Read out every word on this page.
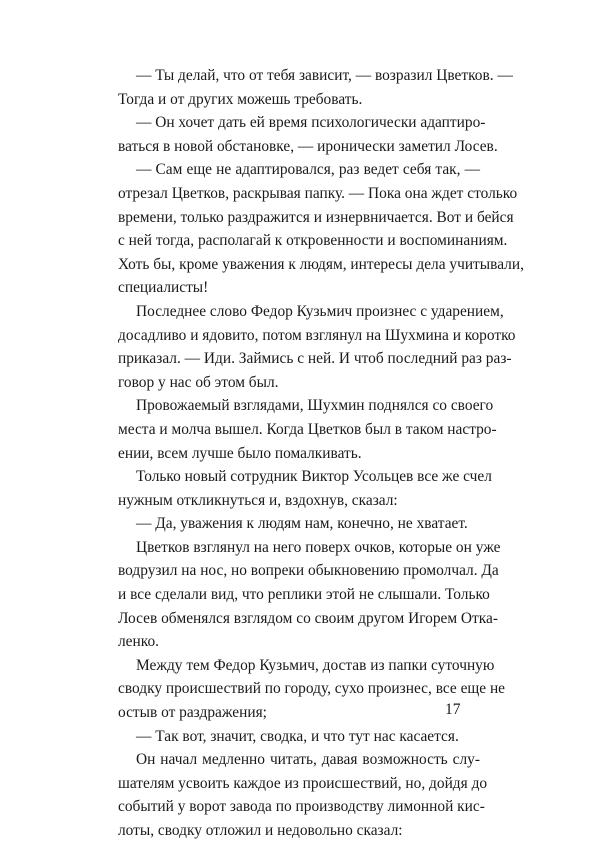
— Ты делай, что от тебя зависит, — возразил Цветков. —
Тогда и от других можешь требовать.
— Он хочет дать ей время психологически адаптиро-
ваться в новой обстановке, — иронически заметил Лосев.
— Сам еще не адаптировался, раз ведет себя так, —
отрезал Цветков, раскрывая папку. — Пока она ждет столько
времени, только раздражится и изнервничается. Вот и бейся
с ней тогда, располагай к откровенности и воспоминаниям.
Хоть бы, кроме уважения к людям, интересы дела учитывали,
специалисты!
Последнее слово Федор Кузьмич произнес с ударением,
досадливо и ядовито, потом взглянул на Шухмина и коротко
приказал. — Иди. Займись с ней. И чтоб последний раз раз-
говор у нас об этом был.
Провожаемый взглядами, Шухмин поднялся со своего
места и молча вышел. Когда Цветков был в таком настро-
ении, всем лучше было помалкивать.
Только новый сотрудник Виктор Усольцев все же счел
нужным откликнуться и, вздохнув, сказал:
— Да, уважения к людям нам, конечно, не хватает.
Цветков взглянул на него поверх очков, которые он уже
водрузил на нос, но вопреки обыкновению промолчал. Да
и все сделали вид, что реплики этой не слышали. Только
Лосев обменялся взглядом со своим другом Игорем Отка-
ленко.
Между тем Федор Кузьмич, достав из папки суточную
сводку происшествий по городу, сухо произнес, все еще не
остыв от раздражения;
— Так вот, значит, сводка, и что тут нас касается.
Он начал медленно читать, давая возможность слу-
шателям усвоить каждое из происшествий, но, дойдя до
событий у ворот завода по производству лимонной кис-
лоты, сводку отложил и недовольно сказал:
17
